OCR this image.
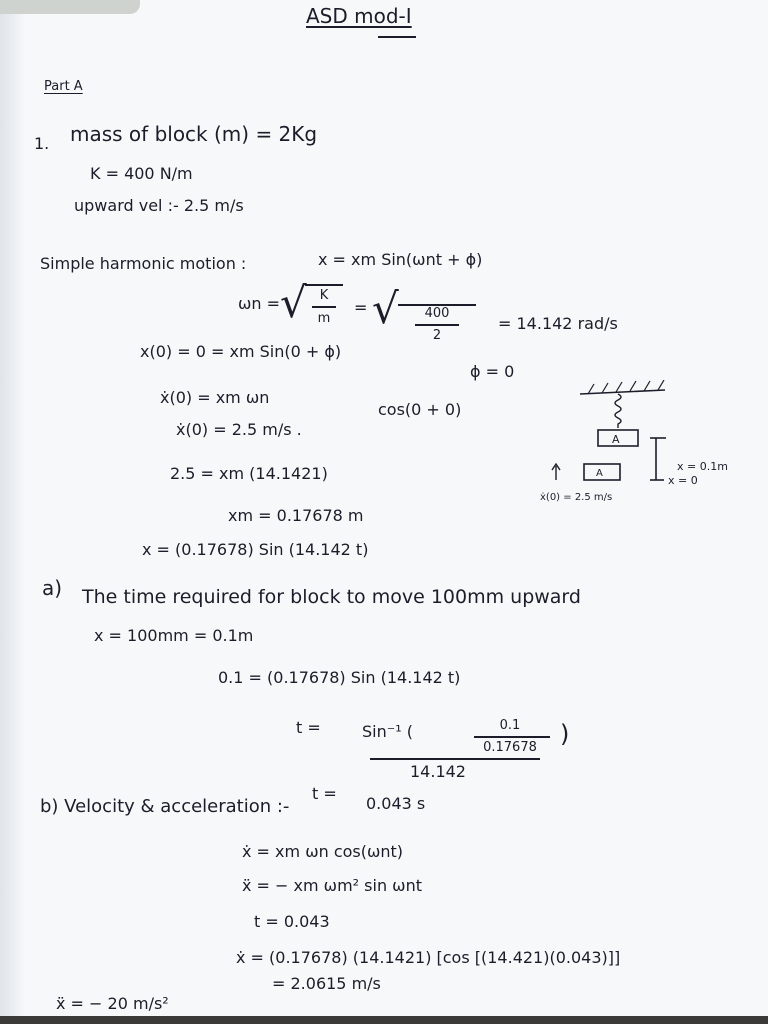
ASD mod-I
Part A
1. mass of block (m) = 2Kg
K = 400 N/m
upward vel :- 2.5 m/s
Simple harmonic motion :	x = xm Sin(ωnt + ϕ)
ωn = √ K
m
= √	400
2
= 14.142 rad/s
x(0) = 0 = xm Sin(0 + ϕ)
ϕ = 0
ẋ(0) = xm ωn
cos(0 + 0)
ẋ(0) = 2.5 m/s .
2.5 = xm (14.1421)
xm = 0.17678 m
x = (0.17678) Sin (14.142 t)
A
x = 0.1m
x = 0
A
ẋ(0) = 2.5 m/s
a) The time required for block to move 100mm upward
x = 100mm = 0.1m
0.1 = (0.17678) Sin (14.142 t)
t =	Sin⁻¹ (	0.1
0.17678 )
14.142
t =
0.043 s
b) Velocity & acceleration :-
ẋ = xm ωn cos(ωnt)
ẍ = − xm ωm² sin ωnt
t = 0.043
ẋ = (0.17678) (14.1421) [cos [(14.421)(0.043)]]
= 2.0615 m/s
ẍ = − 20 m/s²
